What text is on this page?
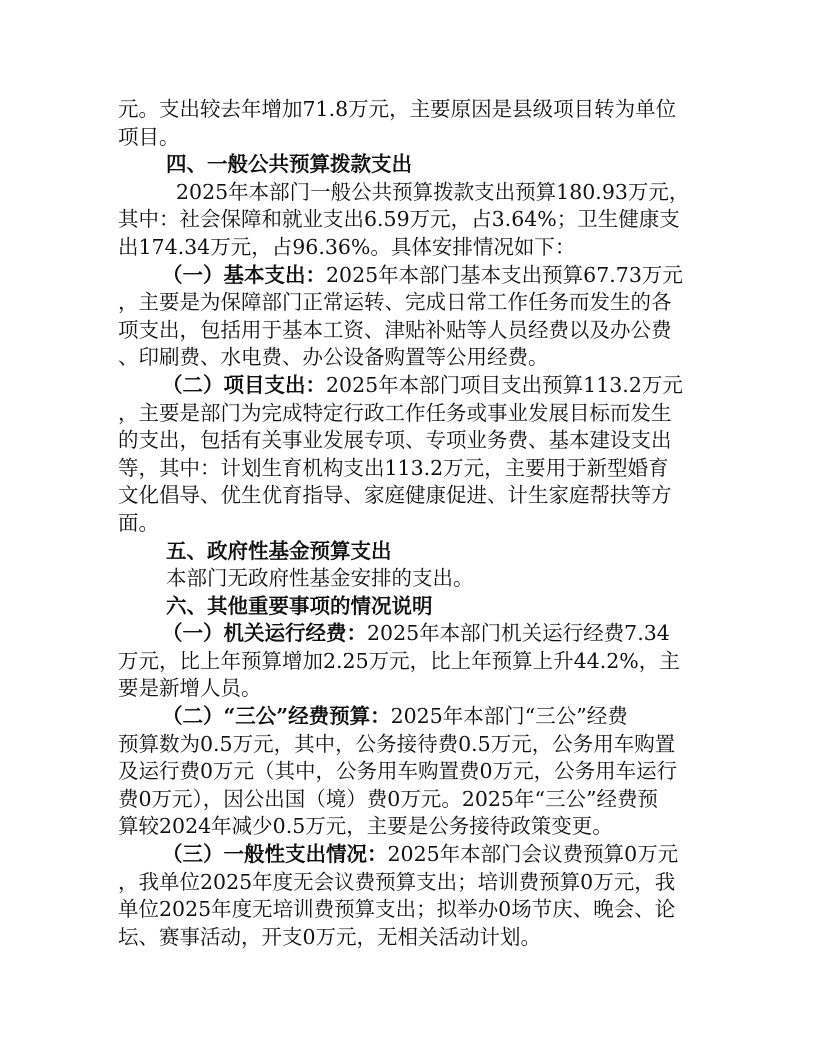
元。支出较去年增加71.8万元，主要原因是县级项目转为单位
项目。
四、一般公共预算拨款支出
2025年本部门一般公共预算拨款支出预算180.93万元，
其中：社会保障和就业支出6.59万元，占3.64%；卫生健康支
出174.34万元，占96.36%。具体安排情况如下：
（一）基本支出：2025年本部门基本支出预算67.73万元
，主要是为保障部门正常运转、完成日常工作任务而发生的各
项支出，包括用于基本工资、津贴补贴等人员经费以及办公费
、印刷费、水电费、办公设备购置等公用经费。
（二）项目支出：2025年本部门项目支出预算113.2万元
，主要是部门为完成特定行政工作任务或事业发展目标而发生
的支出，包括有关事业发展专项、专项业务费、基本建设支出
等，其中：计划生育机构支出113.2万元，主要用于新型婚育
文化倡导、优生优育指导、家庭健康促进、计生家庭帮扶等方
面。
五、政府性基金预算支出
本部门无政府性基金安排的支出。
六、其他重要事项的情况说明
（一）机关运行经费：2025年本部门机关运行经费7.34
万元，比上年预算增加2.25万元，比上年预算上升44.2%，主
要是新增人员。
（二）“三公”经费预算：2025年本部门“三公”经费
预算数为0.5万元，其中，公务接待费0.5万元，公务用车购置
及运行费0万元（其中，公务用车购置费0万元，公务用车运行
费0万元），因公出国（境）费0万元。2025年“三公”经费预
算较2024年减少0.5万元，主要是公务接待政策变更。
（三）一般性支出情况：2025年本部门会议费预算0万元
，我单位2025年度无会议费预算支出；培训费预算0万元，我
单位2025年度无培训费预算支出；拟举办0场节庆、晚会、论
坛、赛事活动，开支0万元，无相关活动计划。
